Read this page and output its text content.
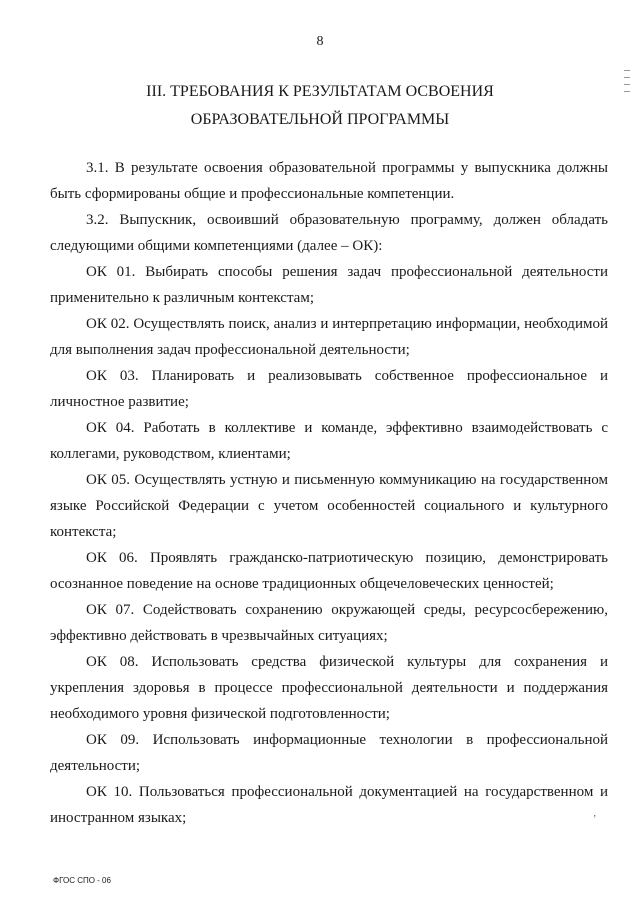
8
III. ТРЕБОВАНИЯ К РЕЗУЛЬТАТАМ ОСВОЕНИЯ
ОБРАЗОВАТЕЛЬНОЙ ПРОГРАММЫ

3.1. В результате освоения образовательной программы у выпускника должны быть сформированы общие и профессиональные компетенции.

3.2. Выпускник, освоивший образовательную программу, должен обладать следующими общими компетенциями (далее – ОК):

ОК 01. Выбирать способы решения задач профессиональной деятельности применительно к различным контекстам;

ОК 02. Осуществлять поиск, анализ и интерпретацию информации, необходимой для выполнения задач профессиональной деятельности;

ОК 03. Планировать и реализовывать собственное профессиональное и личностное развитие;

ОК 04. Работать в коллективе и команде, эффективно взаимодействовать с коллегами, руководством, клиентами;

ОК 05. Осуществлять устную и письменную коммуникацию на государственном языке Российской Федерации с учетом особенностей социального и культурного контекста;

ОК 06. Проявлять гражданско-патриотическую позицию, демонстрировать осознанное поведение на основе традиционных общечеловеческих ценностей;

ОК 07. Содействовать сохранению окружающей среды, ресурсосбережению, эффективно действовать в чрезвычайных ситуациях;

ОК 08. Использовать средства физической культуры для сохранения и укрепления здоровья в процессе профессиональной деятельности и поддержания необходимого уровня физической подготовленности;

ОК 09. Использовать информационные технологии в профессиональной деятельности;

ОК 10. Пользоваться профессиональной документацией на государственном и иностранном языках;	’
ФГОС СПО - 06
